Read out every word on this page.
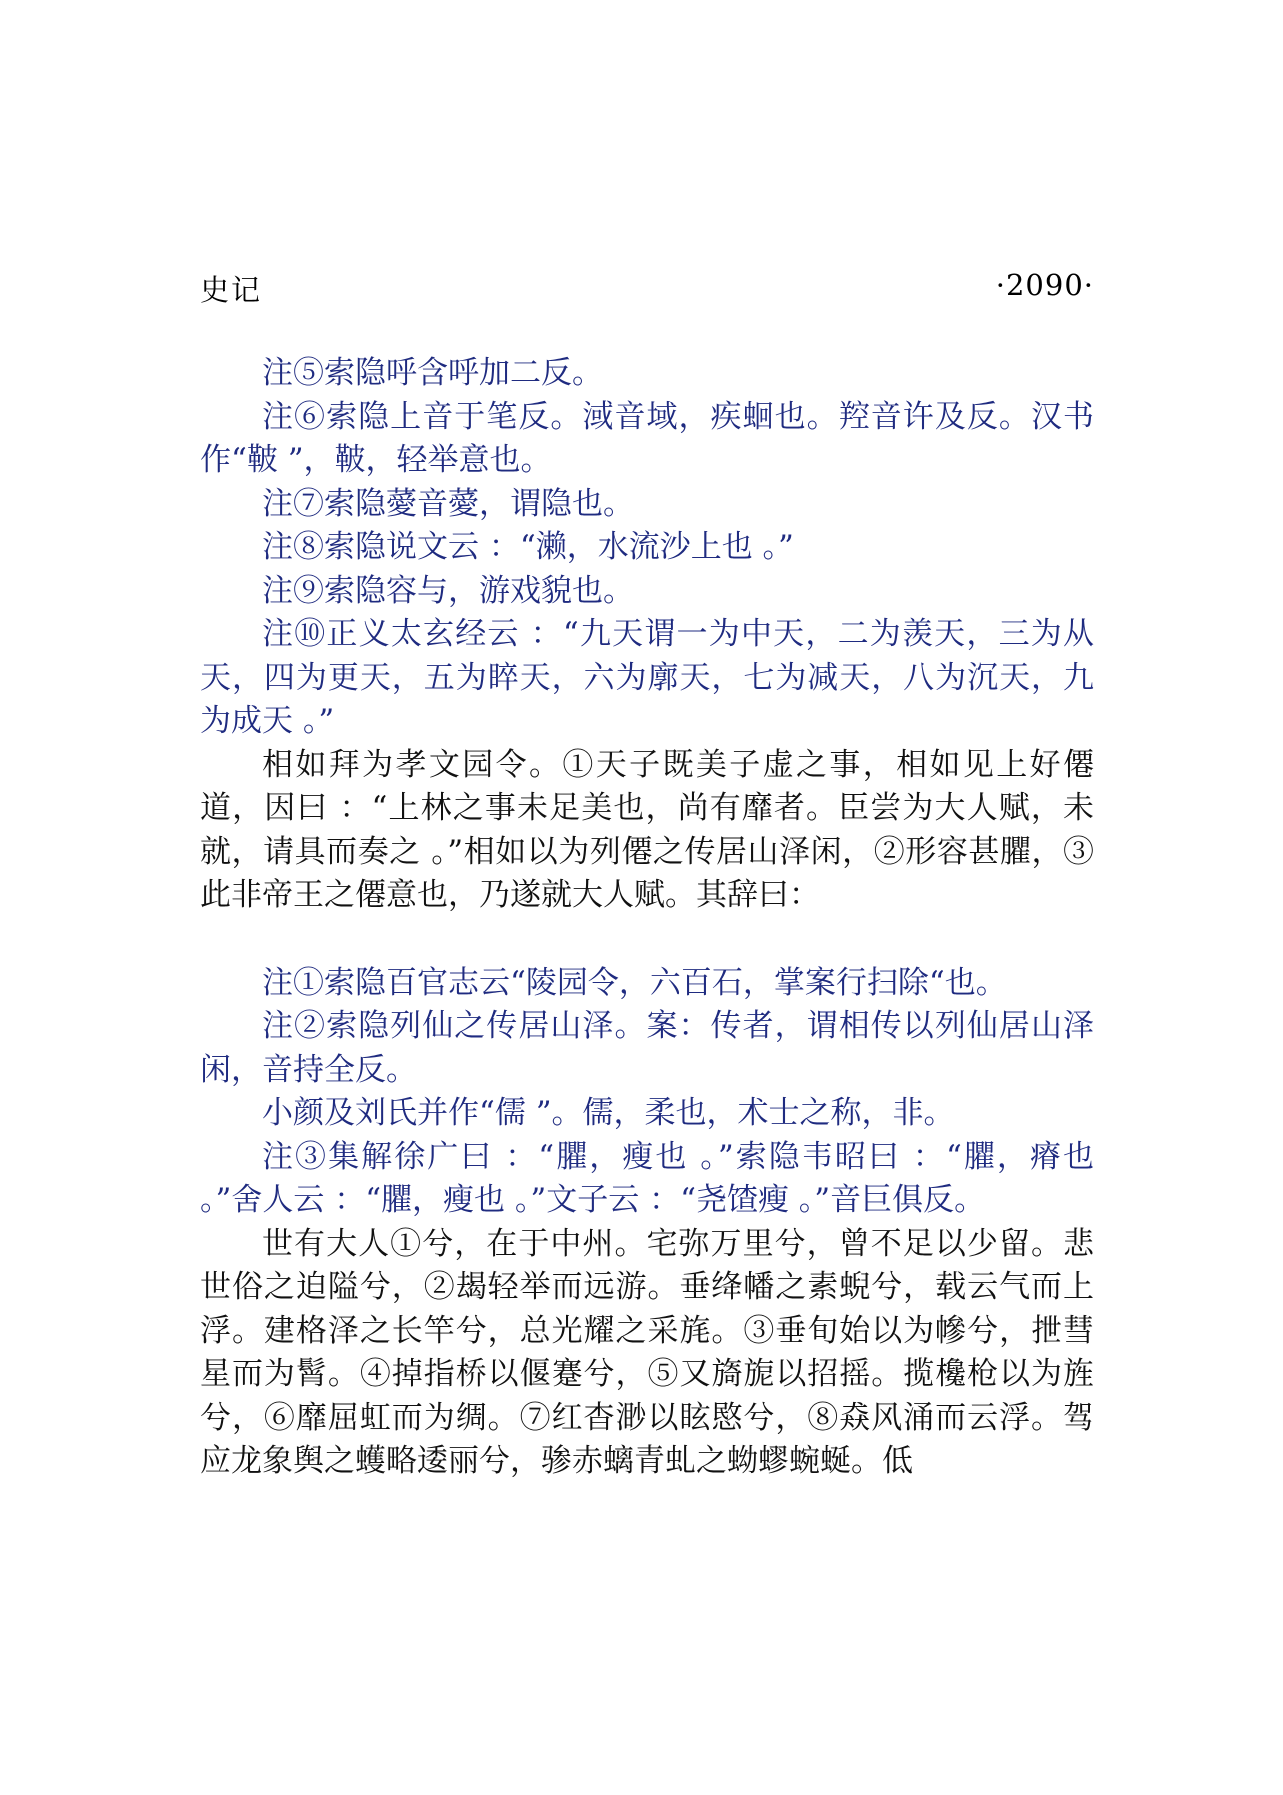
史记	·2090·

注⑤索隐呼含呼加二反。

注⑥索隐上音于笔反。淢音域，疾蛔也。羫音许及反。汉书作“鞁 ”，鞁，轻举意也。

注⑦索隐薆音薆，谓隐也。

注⑧索隐说文云 ：“濑，水流沙上也 。”

注⑨索隐容与，游戏貌也。

注⑩正义太玄经云 ：“九天谓一为中天，二为羡天，三为从天，四为更天，五为睟天，六为廓天，七为减天，八为沉天，九为成天 。”

相如拜为孝文园令。①天子既美子虚之事，相如见上好僊道，因曰 ：“上林之事未足美也，尚有靡者。臣尝为大人赋，未就，请具而奏之 。”相如以为列僊之传居山泽闲，②形容甚臞，③此非帝王之僊意也，乃遂就大人赋。其辞曰：

注①索隐百官志云“陵园令，六百石，掌案行扫除“也。

注②索隐列仙之传居山泽。案：传者，谓相传以列仙居山泽闲，音持全反。

小颜及刘氏并作“儒 ”。儒，柔也，术士之称，非。

注③集解徐广曰 ：“臞，瘦也 。”索隐韦昭曰 ：“臞，瘠也 。”舍人云 ：“臞，瘦也 。”文子云 ：“尧馇瘦 。”音巨俱反。

世有大人①兮，在于中州。宅弥万里兮，曾不足以少留。悲世俗之迫隘兮，②朅轻举而远游。垂绛幡之素蜺兮，载云气而上浮。建格泽之长竿兮，总光耀之采旄。③垂旬始以为幓兮，抴彗星而为髾。④掉指桥以偃蹇兮，⑤又旖旎以招摇。揽欃枪以为旌兮，⑥靡屈虹而为绸。⑦红杳渺以眩愍兮，⑧猋风涌而云浮。驾应龙象舆之蠖略逶丽兮，骖赤螭青虬之蚴蟉蜿蜒。低
